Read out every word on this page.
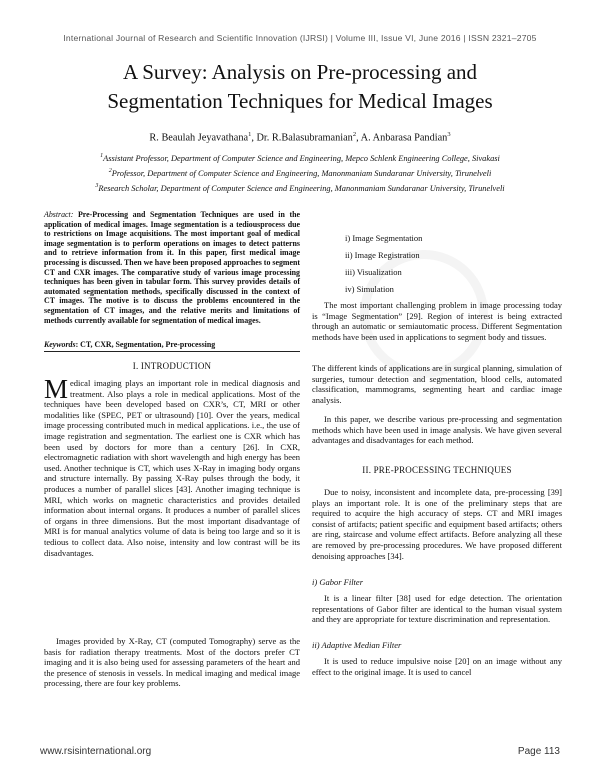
International Journal of Research and Scientific Innovation (IJRSI) | Volume III, Issue VI, June 2016 | ISSN 2321–2705
A Survey: Analysis on Pre-processing and
Segmentation Techniques for Medical Images
R. Beaulah Jeyavathana$^1$, Dr. R.Balasubramanian$^2$, A. Anbarasa Pandian$^3$
$^1$Assistant Professor, Department of Computer Science and Engineering, Mepco Schlenk Engineering College, Sivakasi
$^2$Professor, Department of Computer Science and Engineering, Manonmaniam Sundaranar University, Tirunelveli
$^3$Research Scholar, Department of Computer Science and Engineering, Manonmaniam Sundaranar University, Tirunelveli
Abstract: Pre-Processing and Segmentation Techniques are used in the application of medical images. Image segmentation is a tediousprocess due to restrictions on Image acquisitions. The most important goal of medical image segmentation is to perform operations on images to detect patterns and to retrieve information from it. In this paper, first medical image processing is discussed. Then we have been proposed approaches to segment CT and CXR images. The comparative study of various image processing techniques has been given in tabular form. This survey provides details of automated segmentation methods, specifically discussed in the context of CT images. The motive is to discuss the problems encountered in the segmentation of CT images, and the relative merits and limitations of methods currently available for segmentation of medical images.
Keywords: CT, CXR, Segmentation, Pre-processing
I. INTRODUCTION
Medical imaging plays an important role in medical diagnosis and treatment. Also plays a role in medical applications. Most of the techniques have been developed based on CXR’s, CT, MRI or other modalities like (SPEC, PET or ultrasound) [10]. Over the years, medical image processing contributed much in medical applications. i.e., the use of image registration and segmentation. The earliest one is CXR which has been used by doctors for more than a century [26]. In CXR, electromagnetic radiation with short wavelength and high energy has been used. Another technique is CT, which uses X-Ray in imaging body organs and structure internally. By passing X-Ray pulses through the body, it produces a number of parallel slices [43]. Another imaging technique is MRI, which works on magnetic characteristics and provides detailed information about internal organs. It produces a number of parallel slices of organs in three dimensions. But the most important disadvantage of MRI is for manual analytics volume of data is being too large and so it is tedious to collect data. Also noise, intensity and low contrast will be its disadvantages.

Images provided by X-Ray, CT (computed Tomography) serve as the basis for radiation therapy treatments. Most of the doctors prefer CT imaging and it is also being used for assessing parameters of the heart and the presence of stenosis in vessels. In medical imaging and medical image processing, there are four key problems.

i) Image Segmentation
ii) Image Registration
iii) Visualization
iv) Simulation

The most important challenging problem in image processing today is “Image Segmentation” [29]. Region of interest is being extracted through an automatic or semiautomatic process. Different Segmentation methods have been used in applications to segment body and tissues.

The different kinds of applications are in surgical planning, simulation of surgeries, tumour detection and segmentation, blood cells, automated classification, mammograms, segmenting heart and cardiac image analysis.

In this paper, we describe various pre-processing and segmentation methods which have been used in image analysis. We have given several advantages and disadvantages for each method.

II. PRE-PROCESSING TECHNIQUES

Due to noisy, inconsistent and incomplete data, pre-processing [39] plays an important role. It is one of the preliminary steps that are required to acquire the high accuracy of steps. CT and MRI images consist of artifacts; patient specific and equipment based artifacts; others are ring, staircase and volume effect artifacts. Before analyzing all these are removed by pre-processing procedures. We have proposed different denoising approaches [34].

i) Gabor Filter

It is a linear filter [38] used for edge detection. The orientation representations of Gabor filter are identical to the human visual system and they are appropriate for texture discrimination and representation.

ii) Adaptive Median Filter

It is used to reduce impulsive noise [20] on an image without any effect to the original image. It is used to cancel

www.rsisinternational.org	Page 113
